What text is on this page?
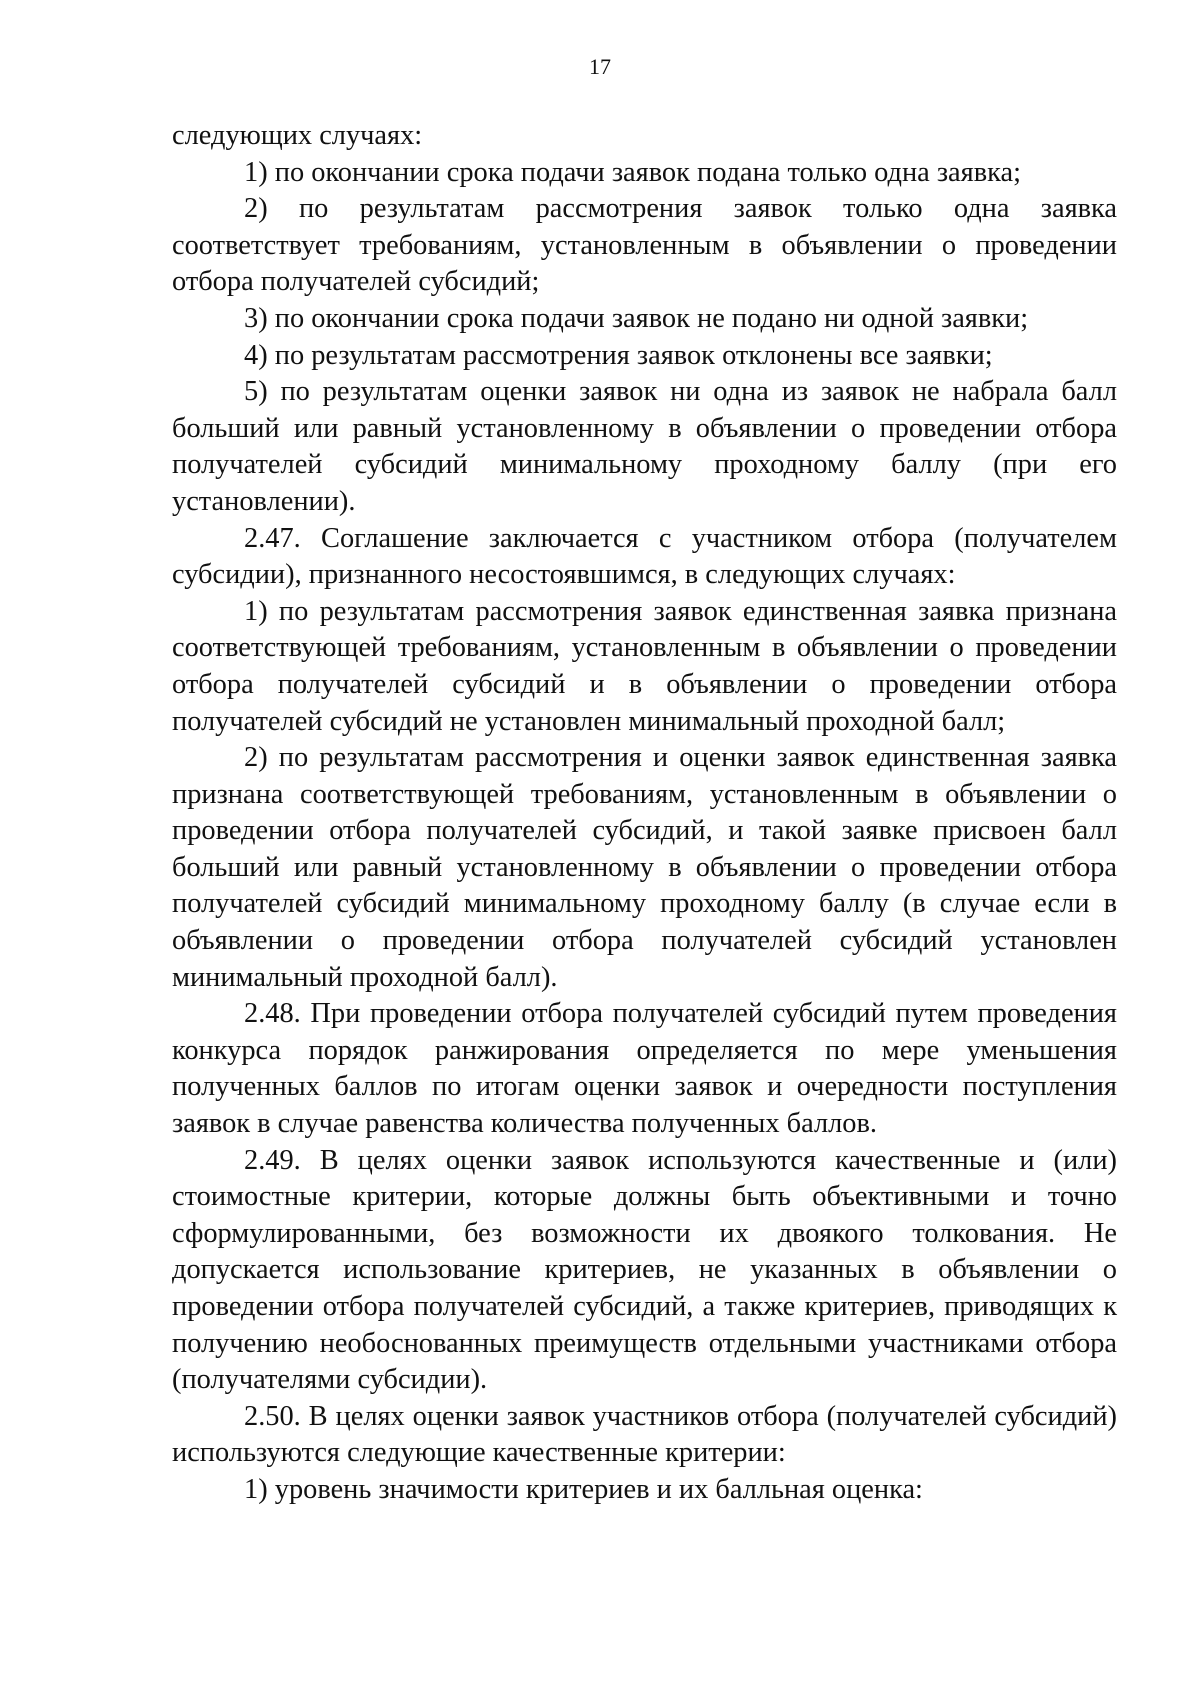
17

следующих случаях:

1) по окончании срока подачи заявок подана только одна заявка;

2) по результатам рассмотрения заявок только одна заявка соответствует требованиям, установленным в объявлении о проведении отбора получателей субсидий;

3) по окончании срока подачи заявок не подано ни одной заявки;

4) по результатам рассмотрения заявок отклонены все заявки;

5) по результатам оценки заявок ни одна из заявок не набрала балл больший или равный установленному в объявлении о проведении отбора получателей субсидий минимальному проходному баллу (при его установлении).

2.47. Соглашение заключается с участником отбора (получателем субсидии), признанного несостоявшимся, в следующих случаях:

1) по результатам рассмотрения заявок единственная заявка признана соответствующей требованиям, установленным в объявлении о проведении отбора получателей субсидий и в объявлении о проведении отбора получателей субсидий не установлен минимальный проходной балл;

2) по результатам рассмотрения и оценки заявок единственная заявка признана соответствующей требованиям, установленным в объявлении о проведении отбора получателей субсидий, и такой заявке присвоен балл больший или равный установленному в объявлении о проведении отбора получателей субсидий минимальному проходному баллу (в случае если в объявлении о проведении отбора получателей субсидий установлен минимальный проходной балл).

2.48. При проведении отбора получателей субсидий путем проведения конкурса порядок ранжирования определяется по мере уменьшения полученных баллов по итогам оценки заявок и очередности поступления заявок в случае равенства количества полученных баллов.

2.49. В целях оценки заявок используются качественные и (или) стоимостные критерии, которые должны быть объективными и точно сформулированными, без возможности их двоякого толкования. Не допускается использование критериев, не указанных в объявлении о проведении отбора получателей субсидий, а также критериев, приводящих к получению необоснованных преимуществ отдельными участниками отбора (получателями субсидии).

2.50. В целях оценки заявок участников отбора (получателей субсидий) используются следующие качественные критерии:

1) уровень значимости критериев и их балльная оценка:
